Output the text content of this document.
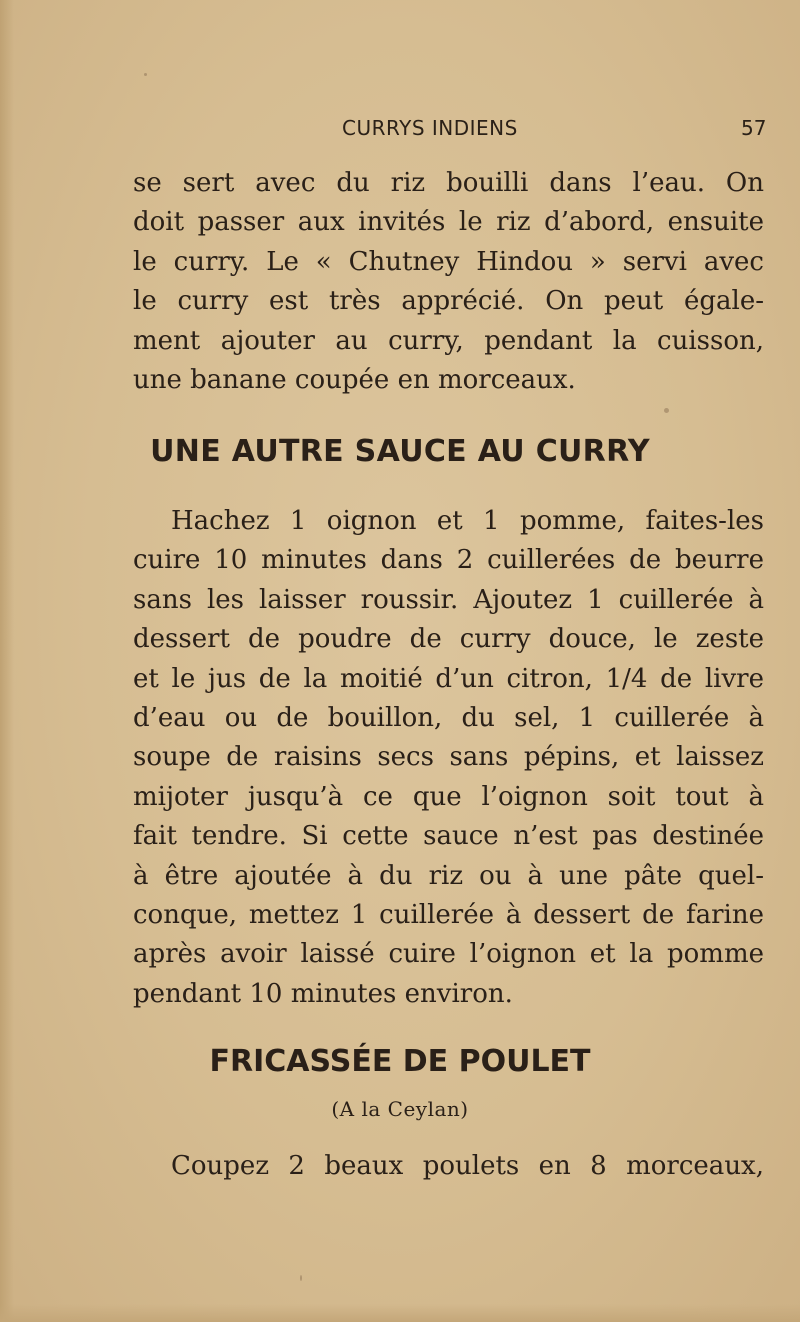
CURRYS INDIENS	57
se sert avec du riz bouilli dans l’eau. On
doit passer aux invités le riz d’abord, ensuite
le curry. Le « Chutney Hindou » servi avec
le curry est très apprécié. On peut égale-
ment ajouter au curry, pendant la cuisson,
une banane coupée en morceaux.
UNE AUTRE SAUCE AU CURRY
Hachez 1 oignon et 1 pomme, faites-les
cuire 10 minutes dans 2 cuillerées de beurre
sans les laisser roussir. Ajoutez 1 cuillerée à
dessert de poudre de curry douce, le zeste
et le jus de la moitié d’un citron, 1/4 de livre
d’eau ou de bouillon, du sel, 1 cuillerée à
soupe de raisins secs sans pépins, et laissez
mijoter jusqu’à ce que l’oignon soit tout à
fait tendre. Si cette sauce n’est pas destinée
à être ajoutée à du riz ou à une pâte quel-
conque, mettez 1 cuillerée à dessert de farine
après avoir laissé cuire l’oignon et la pomme
pendant 10 minutes environ.
FRICASSÉE DE POULET
(A la Ceylan)
Coupez 2 beaux poulets en 8 morceaux,
